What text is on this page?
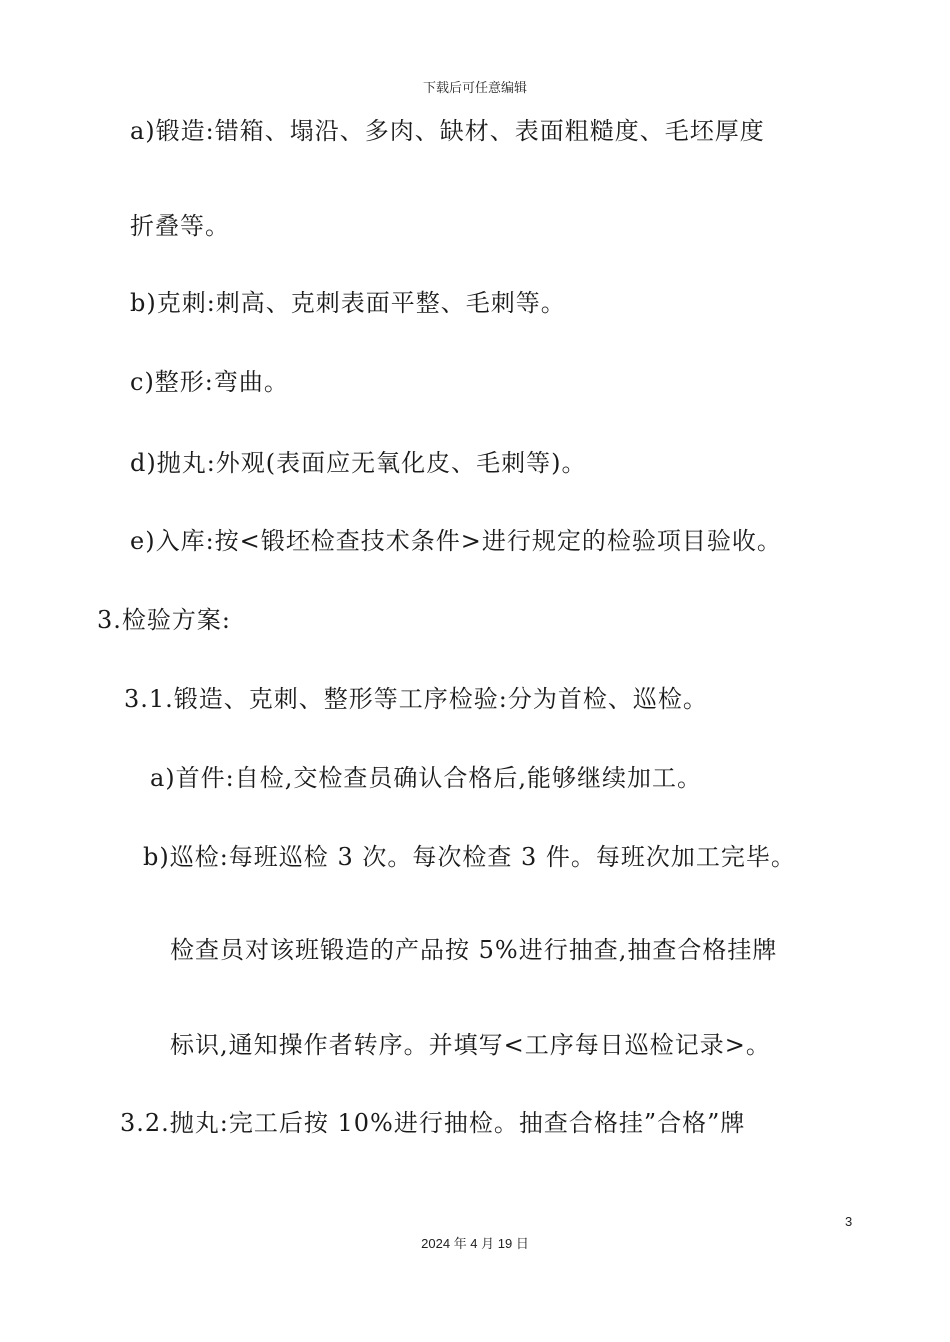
下载后可任意编辑
a)锻造:错箱、塌沿、多肉、缺材、表面粗糙度、毛坯厚度
折叠等。
b)克刺:刺高、克刺表面平整、毛刺等。
c)整形:弯曲。
d)抛丸:外观(表面应无氧化皮、毛刺等)。
e)入库:按<锻坯检查技术条件>进行规定的检验项目验收。
3.检验方案:
3.1.锻造、克刺、整形等工序检验:分为首检、巡检。
a)首件:自检,交检查员确认合格后,能够继续加工。
b)巡检:每班巡检 3 次。每次检查 3 件。每班次加工完毕。
检查员对该班锻造的产品按 5%进行抽查,抽查合格挂牌
标识,通知操作者转序。并填写<工序每日巡检记录>。
3.2.抛丸:完工后按 10%进行抽检。抽查合格挂”合格”牌
3
2024 年 4 月 19 日
